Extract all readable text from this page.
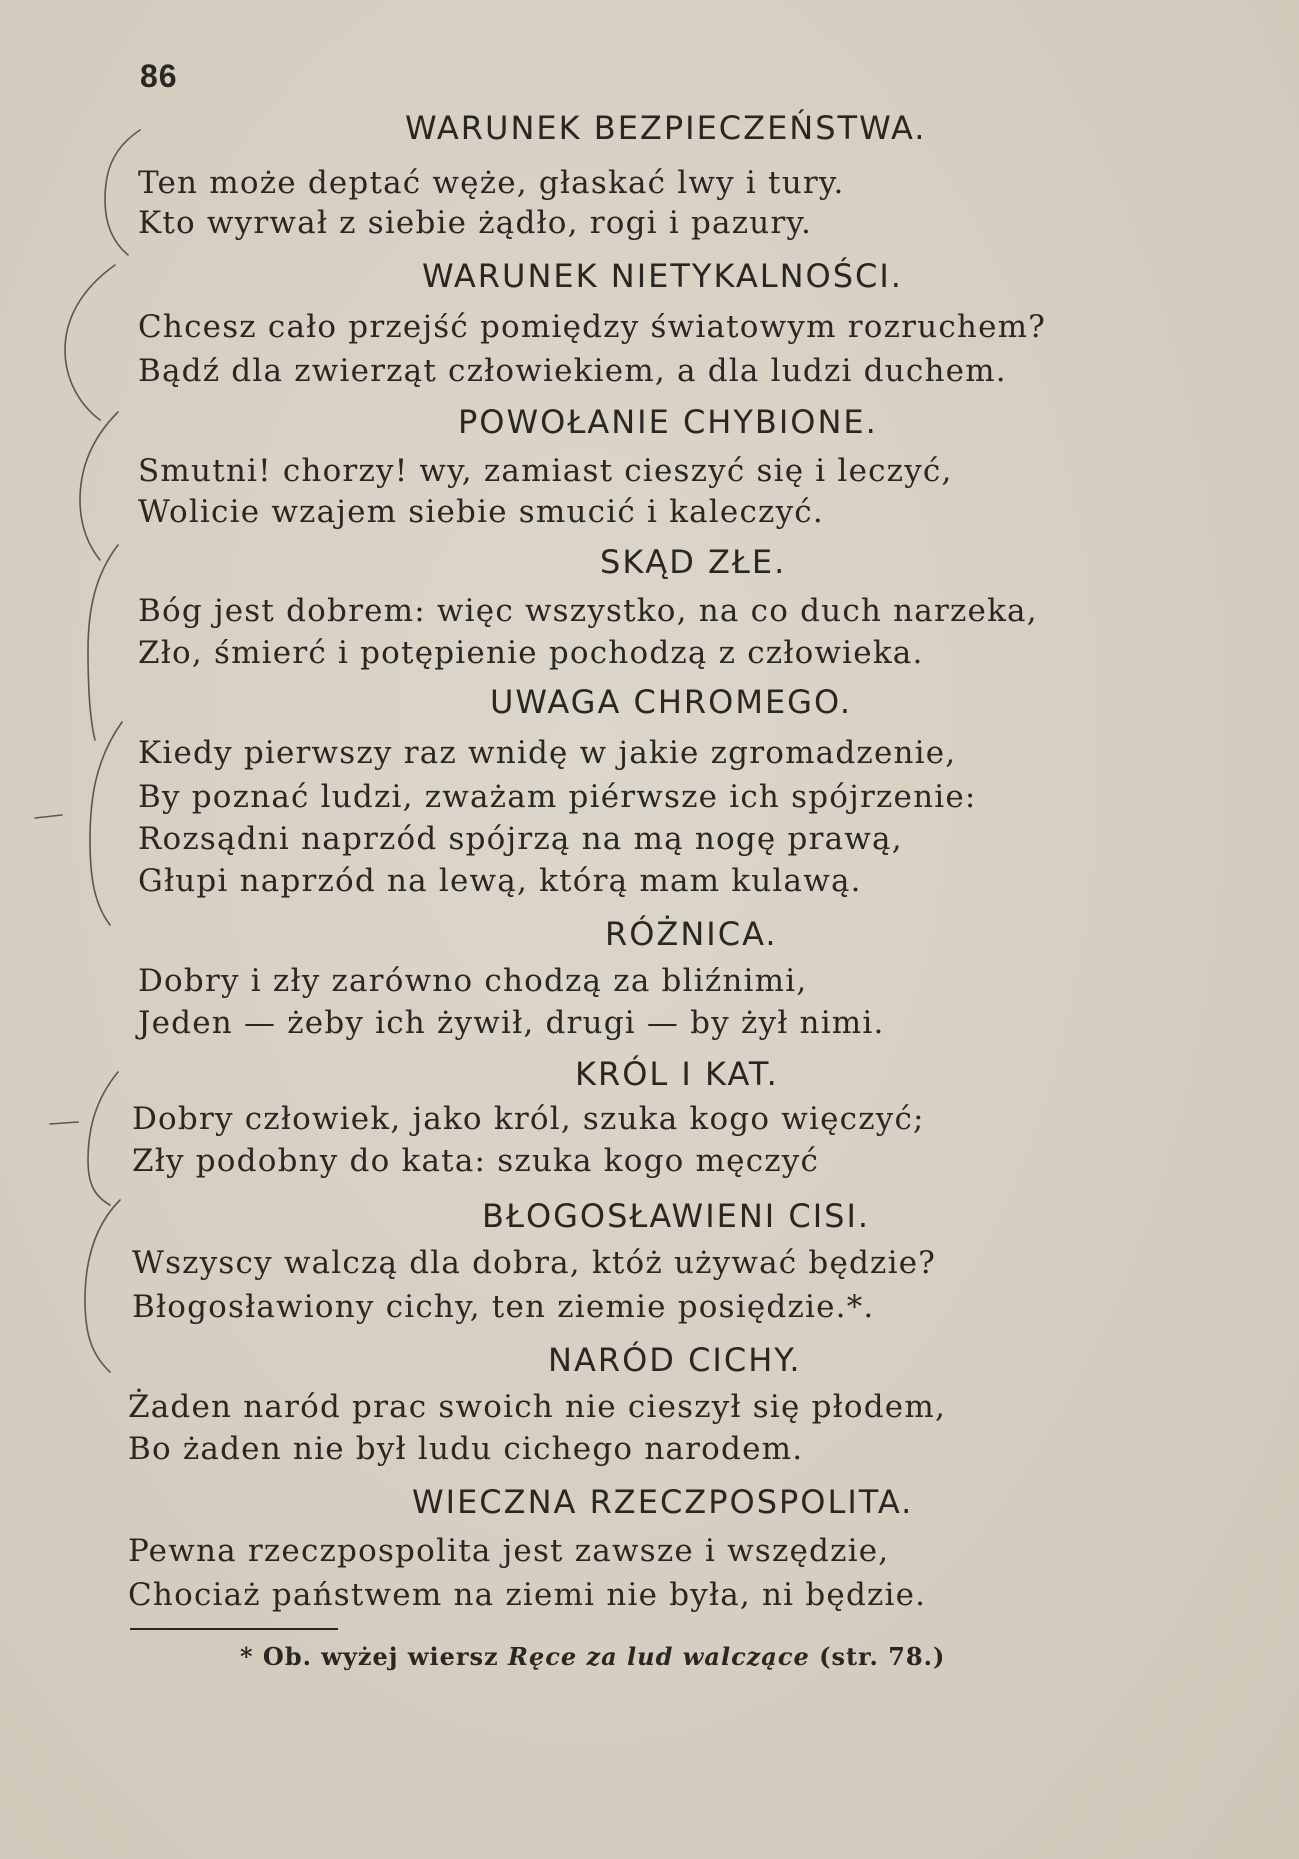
86
WARUNEK BEZPIECZEŃSTWA.
Ten może deptać węże, głaskać lwy i tury.
Kto wyrwał z siebie żądło, rogi i pazury.
WARUNEK NIETYKALNOŚCI.
Chcesz cało przejść pomiędzy światowym rozruchem?
Bądź dla zwierząt człowiekiem, a dla ludzi duchem.
POWOŁANIE CHYBIONE.
Smutni! chorzy! wy, zamiast cieszyć się i leczyć,
Wolicie wzajem siebie smucić i kaleczyć.
SKĄD ZŁE.
Bóg jest dobrem: więc wszystko, na co duch narzeka,
Zło, śmierć i potępienie pochodzą z człowieka.
UWAGA CHROMEGO.
Kiedy pierwszy raz wnidę w jakie zgromadzenie,
By poznać ludzi, zważam piérwsze ich spójrzenie:
Rozsądni naprzód spójrzą na mą nogę prawą,
Głupi naprzód na lewą, którą mam kulawą.
RÓŻNICA.
Dobry i zły zarówno chodzą za bliźnimi,
Jeden — żeby ich żywił, drugi — by żył nimi.
KRÓL I KAT.
Dobry człowiek, jako król, szuka kogo więczyć;
Zły podobny do kata: szuka kogo męczyć
BŁOGOSŁAWIENI CISI.
Wszyscy walczą dla dobra, któż używać będzie?
Błogosławiony cichy, ten ziemie posiędzie.*.
NARÓD CICHY.
Żaden naród prac swoich nie cieszył się płodem,
Bo żaden nie był ludu cichego narodem.
WIECZNA RZECZPOSPOLITA.
Pewna rzeczpospolita jest zawsze i wszędzie,
Chociaż państwem na ziemi nie była, ni będzie.
* Ob. wyżej wiersz Ręce za lud walczące (str. 78.)
